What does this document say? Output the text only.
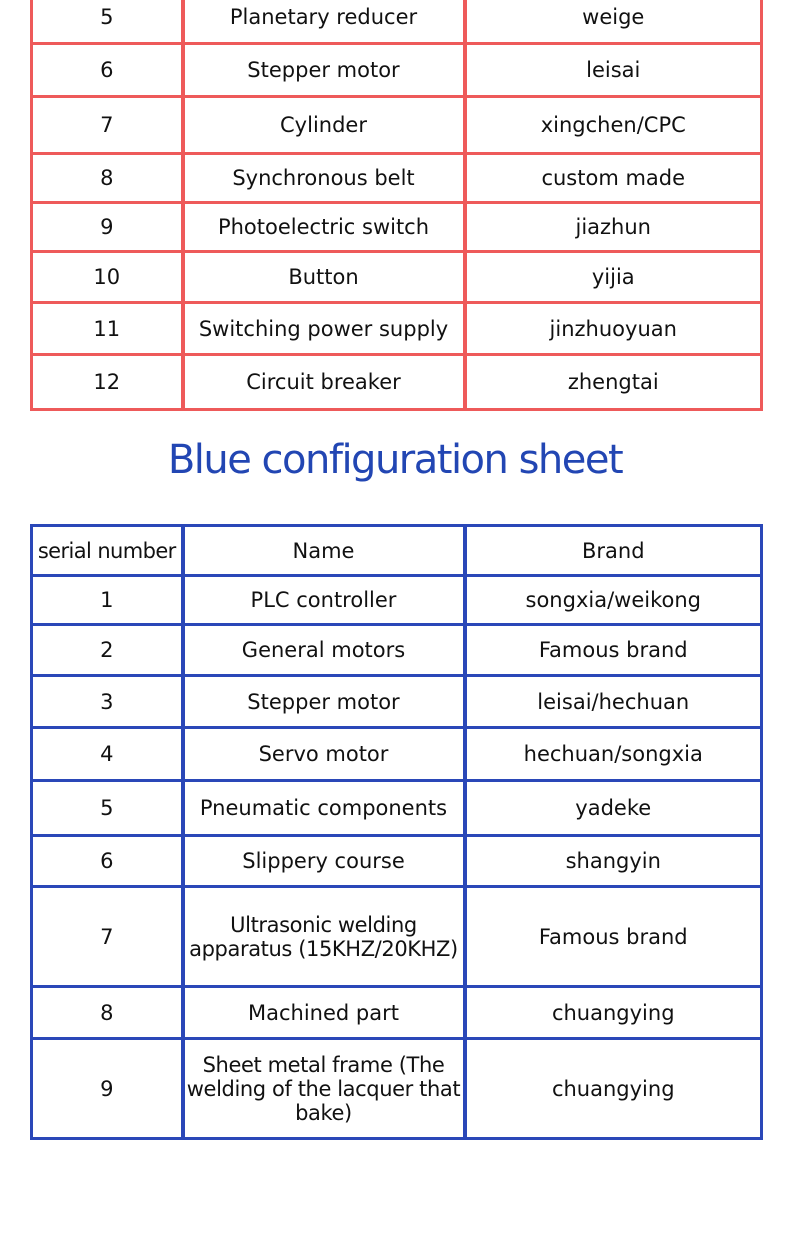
5	Planetary reducer	weige
6	Stepper motor	leisai
7	Cylinder	xingchen/CPC
8	Synchronous belt	custom made
9	Photoelectric switch	jiazhun
10	Button	yijia
11	Switching power supply	jinzhuoyuan
12	Circuit breaker	zhengtai
Blue configuration sheet
serial number	Name	Brand
1	PLC controller	songxia/weikong
2	General motors	Famous brand
3	Stepper motor	leisai/hechuan
4	Servo motor	hechuan/songxia
5	Pneumatic components	yadeke
6	Slippery course	shangyin
7	Ultrasonic welding apparatus (15KHZ/20KHZ)	Famous brand
8	Machined part	chuangying
9	Sheet metal frame (The welding of the lacquer that bake)	chuangying
